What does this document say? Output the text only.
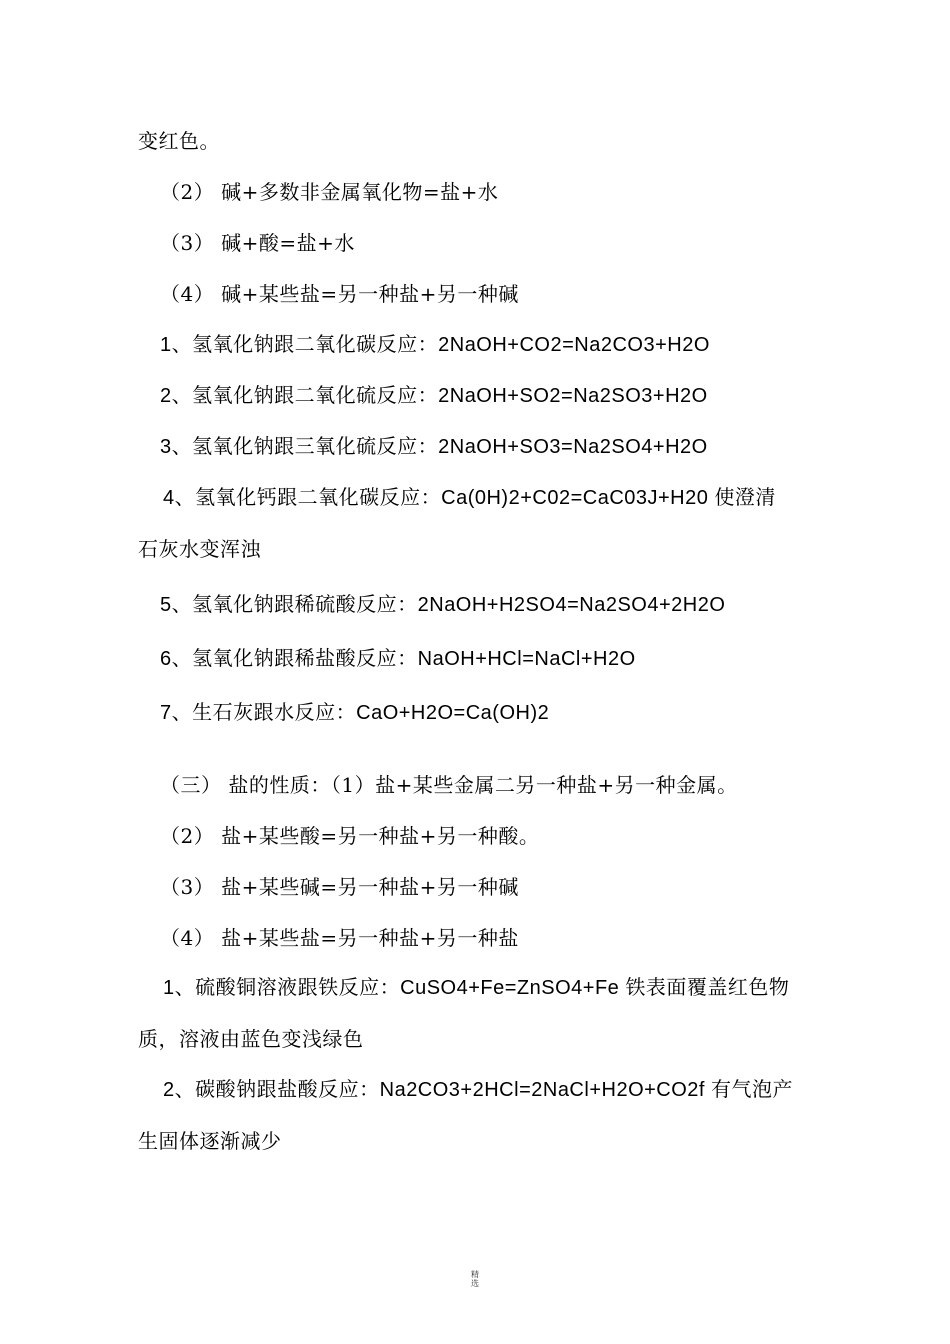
变红色。
（2） 碱+多数非金属氧化物=盐+水
（3） 碱+酸=盐+水
（4） 碱+某些盐=另一种盐+另一种碱
1、氢氧化钠跟二氧化碳反应：2NaOH+CO2=Na2CO3+H2O
2、氢氧化钠跟二氧化硫反应：2NaOH+SO2=Na2SO3+H2O
3、氢氧化钠跟三氧化硫反应：2NaOH+SO3=Na2SO4+H2O
4、氢氧化钙跟二氧化碳反应：Ca(0H)2+C02=CaC03J+H20 使澄清
石灰水变浑浊
5、氢氧化钠跟稀硫酸反应：2NaOH+H2SO4=Na2SO4+2H2O
6、氢氧化钠跟稀盐酸反应：NaOH+HCl=NaCl+H2O
7、生石灰跟水反应：CaO+H2O=Ca(OH)2
（三） 盐的性质：（1）盐+某些金属二另一种盐+另一种金属。
（2） 盐+某些酸=另一种盐+另一种酸。
（3） 盐+某些碱=另一种盐+另一种碱
（4） 盐+某些盐=另一种盐+另一种盐
1、硫酸铜溶液跟铁反应：CuSO4+Fe=ZnSO4+Fe 铁表面覆盖红色物
质，溶液由蓝色变浅绿色
2、碳酸钠跟盐酸反应：Na2CO3+2HCl=2NaCl+H2O+CO2f 有气泡产
生固体逐渐减少
精
选
